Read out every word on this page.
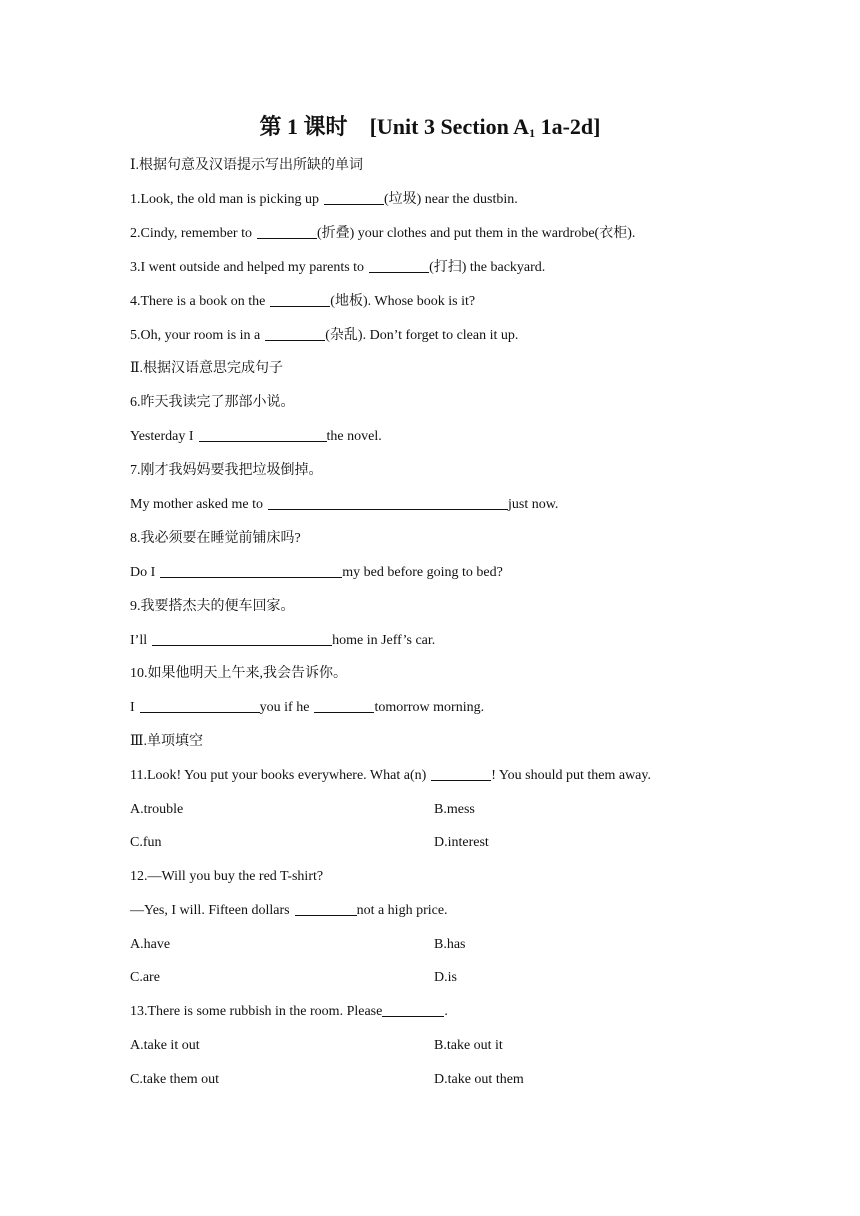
第 1 课时 [Unit 3 Section $A_1$ 1a-2d]
Ⅰ.根据句意及汉语提示写出所缺的单词
1.Look, the old man is picking up	(垃圾) near the dustbin.
2.Cindy, remember to	(折叠) your clothes and put them in the wardrobe(衣柜).
3.I went outside and helped my parents to	(打扫) the backyard.
4.There is a book on the	(地板). Whose book is it?
5.Oh, your room is in a	(杂乱). Don’t forget to clean it up.
Ⅱ.根据汉语意思完成句子
6.昨天我读完了那部小说。
Yesterday I	the novel.
7.刚才我妈妈要我把垃圾倒掉。
My mother asked me to	just now.
8.我必须要在睡觉前铺床吗?
Do I	my bed before going to bed?
9.我要搭杰夫的便车回家。
I’ll	home in Jeff’s car.
10.如果他明天上午来,我会告诉你。
I	you if he	tomorrow morning.
Ⅲ.单项填空
11.Look! You put your books everywhere. What a(n)	! You should put them away.
A.trouble	B.mess
C.fun	D.interest
12.—Will you buy the red T-shirt?
—Yes, I will. Fifteen dollars	not a high price.
A.have	B.has
C.are	D.is
13.There is some rubbish in the room. Please	.
A.take it out	B.take out it
C.take them out	D.take out them
